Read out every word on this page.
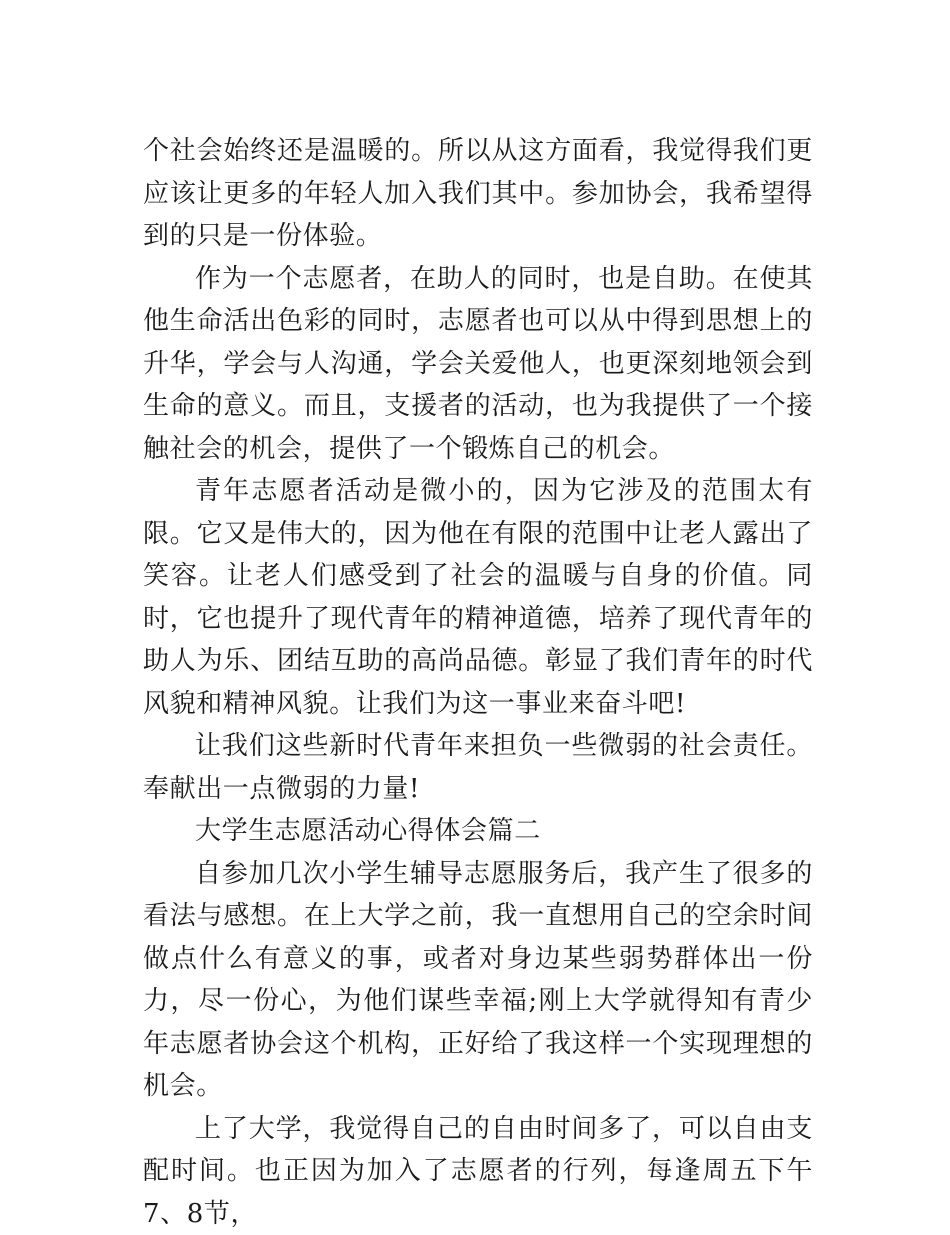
个社会始终还是温暖的。所以从这方面看，我觉得我们更应该让更多的年轻人加入我们其中。参加协会，我希望得到的只是一份体验。

作为一个志愿者，在助人的同时，也是自助。在使其他生命活出色彩的同时，志愿者也可以从中得到思想上的升华，学会与人沟通，学会关爱他人，也更深刻地领会到生命的意义。而且，支援者的活动，也为我提供了一个接触社会的机会，提供了一个锻炼自己的机会。

青年志愿者活动是微小的，因为它涉及的范围太有限。它又是伟大的，因为他在有限的范围中让老人露出了笑容。让老人们感受到了社会的温暖与自身的价值。同时，它也提升了现代青年的精神道德，培养了现代青年的助人为乐、团结互助的高尚品德。彰显了我们青年的时代风貌和精神风貌。让我们为这一事业来奋斗吧!

让我们这些新时代青年来担负一些微弱的社会责任。奉献出一点微弱的力量!

大学生志愿活动心得体会篇二

自参加几次小学生辅导志愿服务后，我产生了很多的看法与感想。在上大学之前，我一直想用自己的空余时间做点什么有意义的事，或者对身边某些弱势群体出一份力，尽一份心，为他们谋些幸福;刚上大学就得知有青少年志愿者协会这个机构，正好给了我这样一个实现理想的机会。

上了大学，我觉得自己的自由时间多了，可以自由支配时间。也正因为加入了志愿者的行列，每逢周五下午7、8节，
